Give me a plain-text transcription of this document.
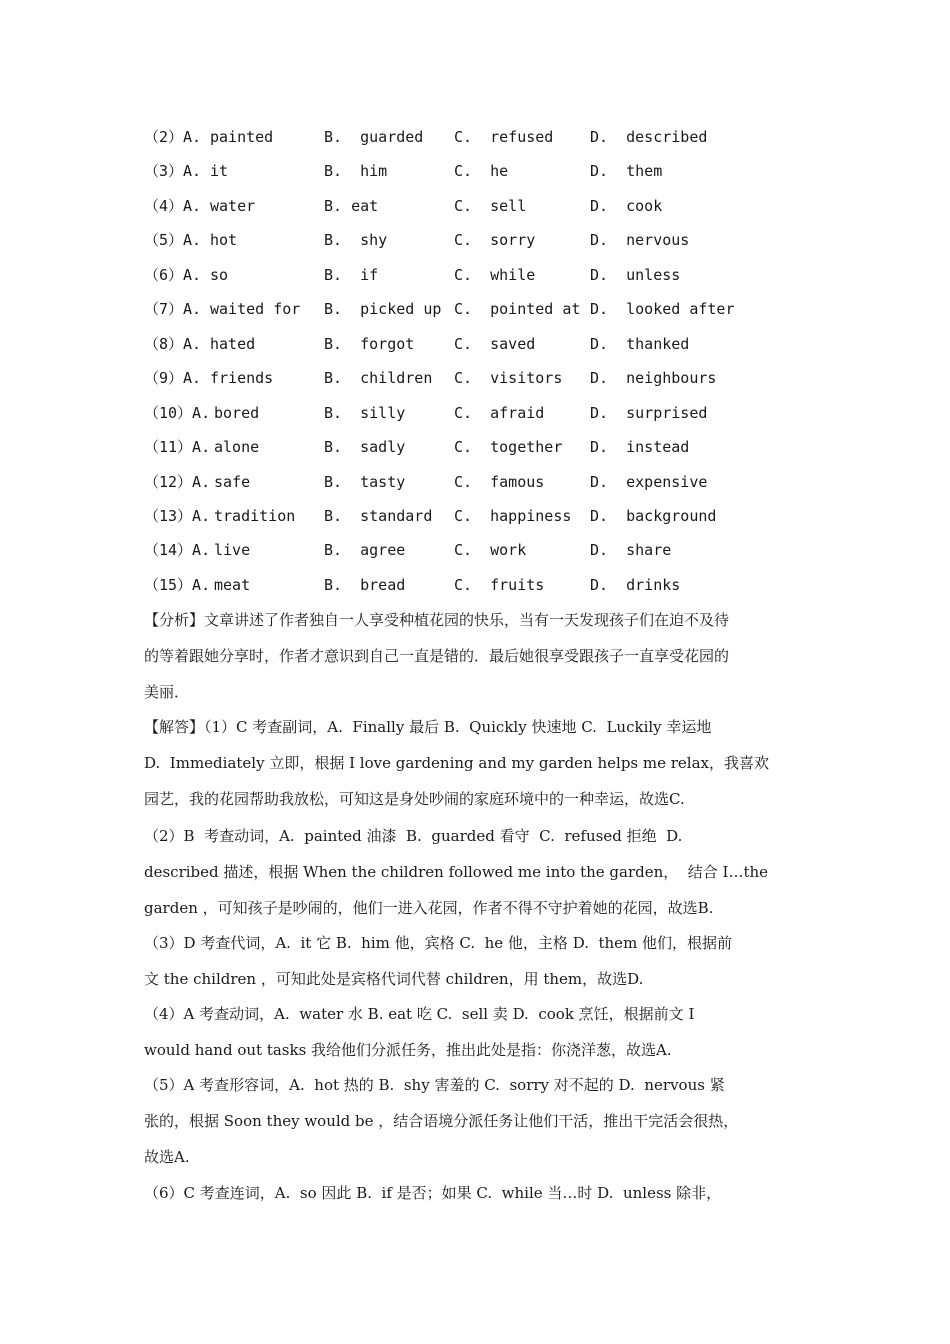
（2）A. painted	B.  guarded C.  refused D.  described
（3）A. it	B.  him	C.  he	D.  them
（4）A. water	B. eat	C.  sell	D.  cook
（5）A. hot	B.  shy	C.  sorry	D.  nervous
（6）A. so	B.  if	C.  while	D.  unless
（7）A. waited for B.  picked up C.  pointed at D.  looked after
（8）A. hated	B.  forgot	C.  saved	D.  thanked
（9）A. friends	B.  children C.  visitors D.  neighbours
（10）A. bored	B.  silly	C.  afraid	D.  surprised
（11）A. alone	B.  sadly	C.  together D.  instead
（12）A. safe	B.  tasty	C.  famous	D.  expensive
（13）A. tradition B.  standard C.  happiness D.  background
（14）A. live	B.  agree	C.  work	D.  share
（15）A. meat	B.  bread	C.  fruits	D.  drinks
【分析】文章讲述了作者独自一人享受种植花园的快乐，当有一天发现孩子们在迫不及待
的等着跟她分享时，作者才意识到自己一直是错的．最后她很享受跟孩子一直享受花园的
美丽．
【解答】（1）C 考查副词，A.  Finally 最后 B.  Quickly 快速地 C.  Luckily 幸运地
D.  Immediately 立即，根据 I love gardening and my garden helps me relax，我喜欢
园艺，我的花园帮助我放松，可知这是身处吵闹的家庭环境中的一种幸运，故选C.
（2）B  考查动词，A.  painted 油漆  B.  guarded 看守  C.  refused 拒绝  D.
described 描述，根据 When the children followed me into the garden，  结合 I…the
garden ，可知孩子是吵闹的，他们一进入花园，作者不得不守护着她的花园，故选B.
（3）D 考查代词，A.  it 它 B.  him 他，宾格 C.  he 他，主格 D.  them 他们，根据前
文 the children ，可知此处是宾格代词代替 children，用 them，故选D.
（4）A 考查动词，A.  water 水 B. eat 吃 C.  sell 卖 D.  cook 烹饪，根据前文 I
would hand out tasks 我给他们分派任务，推出此处是指：你浇洋葱，故选A.
（5）A 考查形容词，A.  hot 热的 B.  shy 害羞的 C.  sorry 对不起的 D.  nervous 紧
张的，根据 Soon they would be ，结合语境分派任务让他们干活，推出干完活会很热，
故选A.
（6）C 考查连词，A.  so 因此 B.  if 是否；如果 C.  while 当…时 D.  unless 除非，
